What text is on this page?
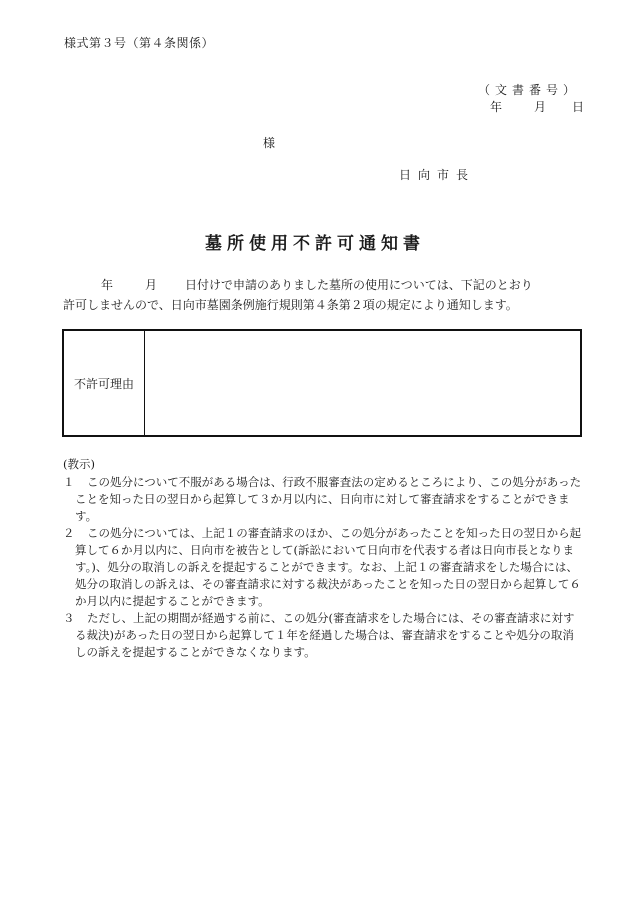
様式第３号（第４条関係）
（文書番号）
年	月 日
様
日向市長
墓所使用不許可通知書
年	月 日付けで申請のありました墓所の使用については、下記のとおり
許可しませんので、日向市墓園条例施行規則第４条第２項の規定により通知します。
不許可理由
(教示)
１	この処分について不服がある場合は、行政不服審査法の定めるところにより、この処分があったことを知った日の翌日から起算して３か月以内に、日向市に対して審査請求をすることができます。
２	この処分については、上記１の審査請求のほか、この処分があったことを知った日の翌日から起算して６か月以内に、日向市を被告として(訴訟において日向市を代表する者は日向市長となります。)、処分の取消しの訴えを提起することができます。なお、上記１の審査請求をした場合には、処分の取消しの訴えは、その審査請求に対する裁決があったことを知った日の翌日から起算して６か月以内に提起することができます。
３	ただし、上記の期間が経過する前に、この処分(審査請求をした場合には、その審査請求に対する裁決)があった日の翌日から起算して１年を経過した場合は、審査請求をすることや処分の取消しの訴えを提起することができなくなります。
